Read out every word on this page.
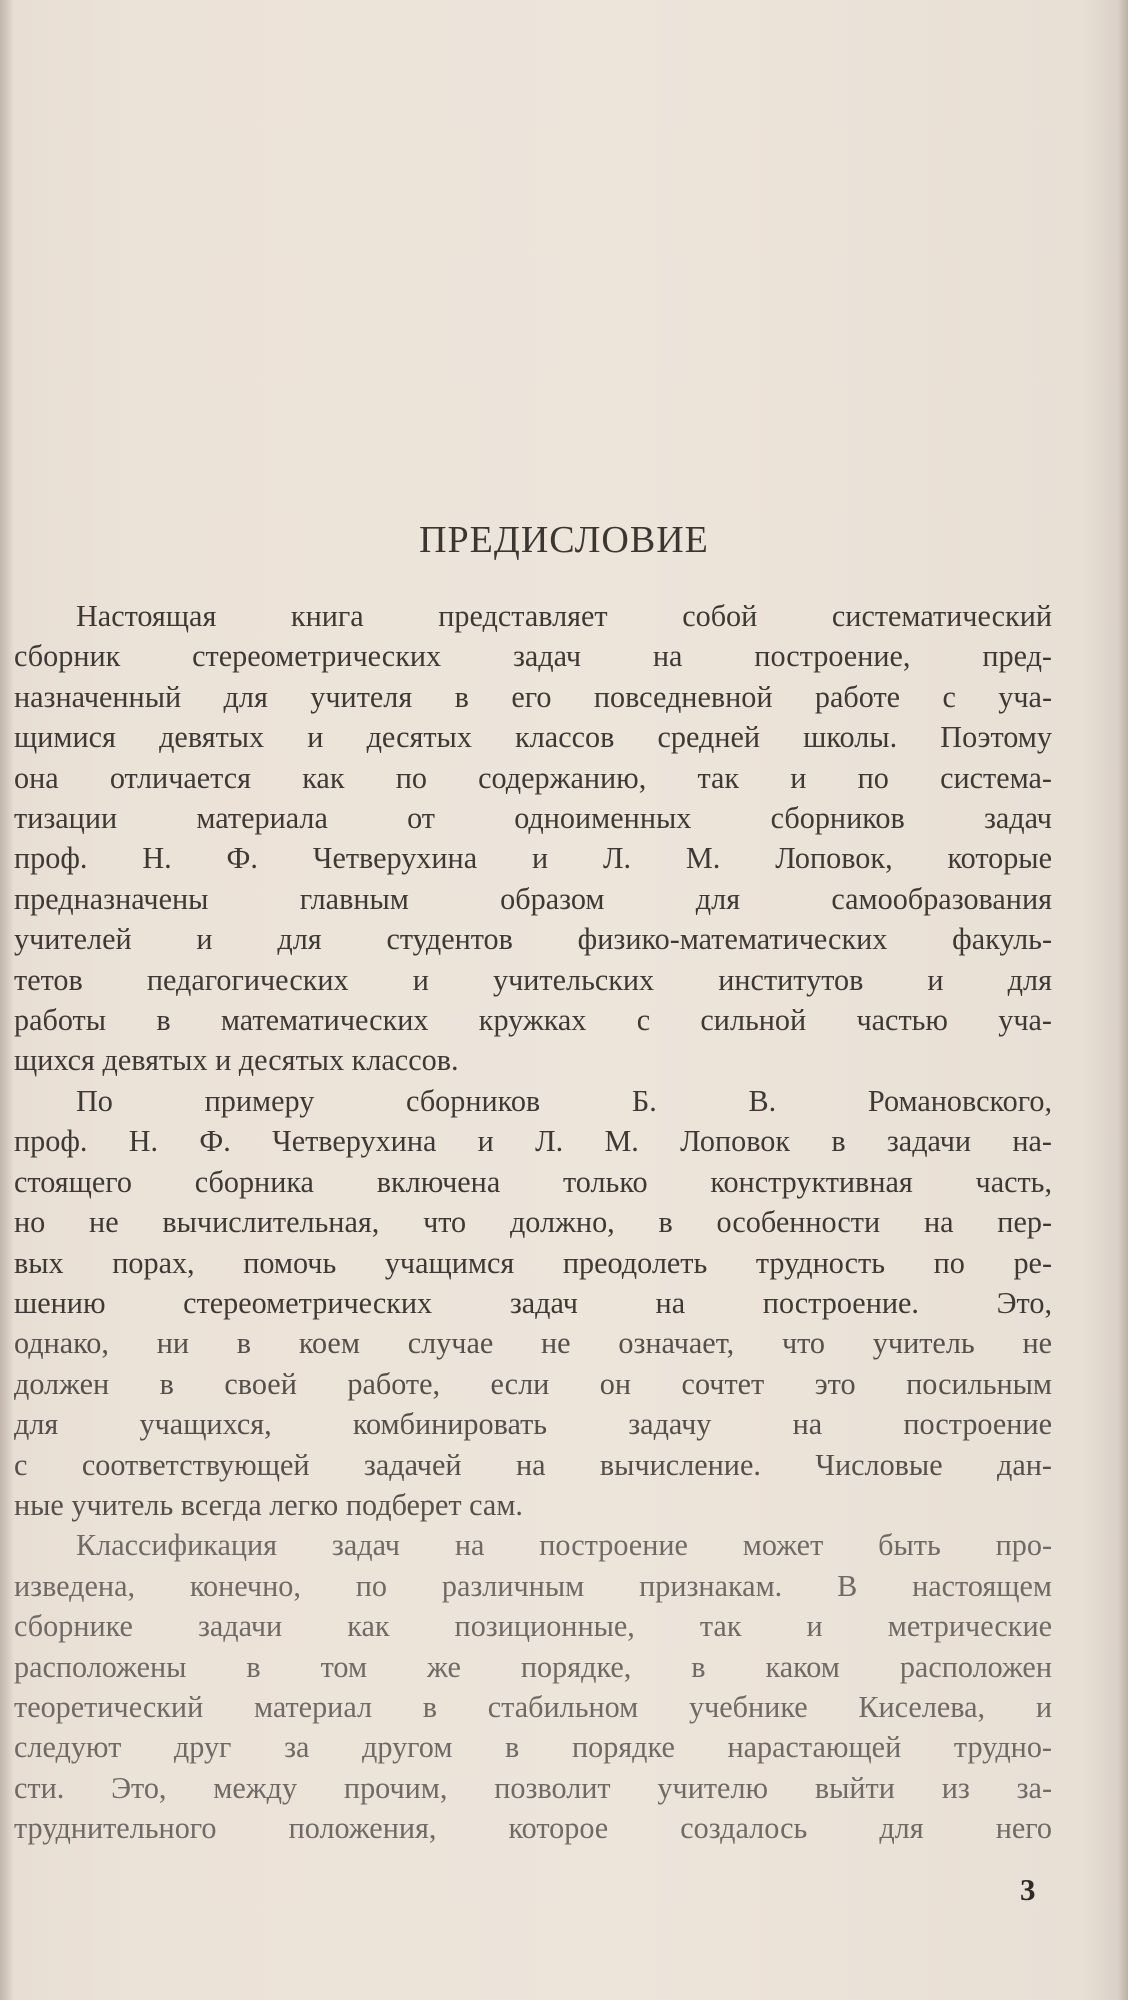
ПРЕДИСЛОВИЕ

Настоящая книга представляет собой систематический
сборник стереометрических задач на построение, пред-
назначенный для учителя в его повседневной работе с уча-
щимися девятых и десятых классов средней школы. Поэтому
она отличается как по содержанию, так и по система-
тизации материала от одноименных сборников задач
проф. Н. Ф. Четверухина и Л. М. Лоповок, которые
предназначены главным образом для самообразования
учителей и для студентов физико-математических факуль-
тетов педагогических и учительских институтов и для
работы в математических кружках с сильной частью уча-
щихся девятых и десятых классов.

По примеру сборников Б. В. Романовского,
проф. Н. Ф. Четверухина и Л. М. Лоповок в задачи на-
стоящего сборника включена только конструктивная часть,
но не вычислительная, что должно, в особенности на пер-
вых порах, помочь учащимся преодолеть трудность по ре-
шению стереометрических задач на построение. Это,
однако, ни в коем случае не означает, что учитель не
должен в своей работе, если он сочтет это посильным
для учащихся, комбинировать задачу на построение
с соответствующей задачей на вычисление. Числовые дан-
ные учитель всегда легко подберет сам.

Классификация задач на построение может быть про-
изведена, конечно, по различным признакам. В настоящем
сборнике задачи как позиционные, так и метрические
расположены в том же порядке, в каком расположен
теоретический материал в стабильном учебнике Киселева, и
следуют друг за другом в порядке нарастающей трудно-
сти. Это, между прочим, позволит учителю выйти из за-
труднительного положения, которое создалось для него

3
